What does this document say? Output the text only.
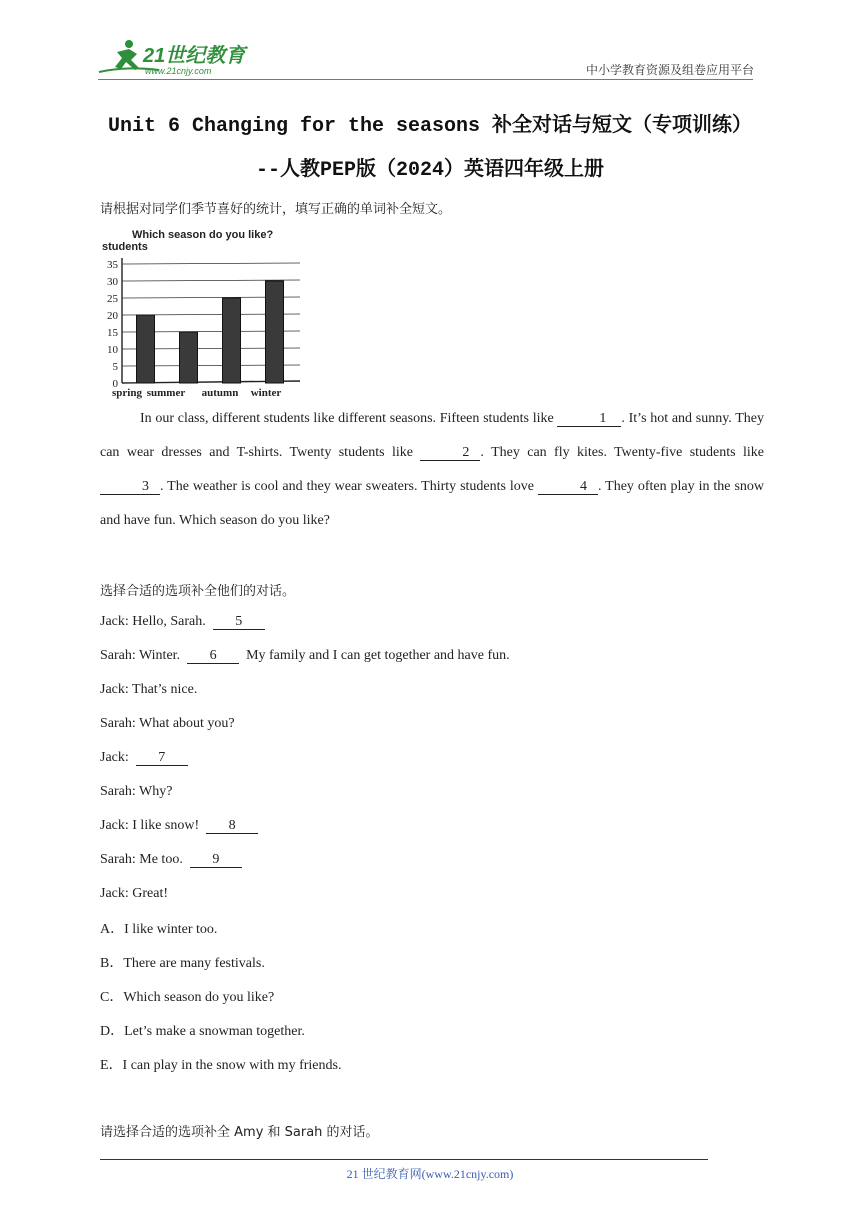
21世纪教育
www.21cnjy.com	中小学教育资源及组卷应用平台
Unit 6 Changing for the seasons 补全对话与短文（专项训练）
--人教PEP版（2024）英语四年级上册
请根据对同学们季节喜好的统计，填写正确的单词补全短文。
Which season do you like?
students
0
5
10
15
20
25
30
35
spring summer autumn winter
In our class, different students like different seasons. Fifteen students like	1 . It’s hot and sunny. They can wear dresses and T-shirts. Twenty students like	2 . They can fly kites. Twenty-five students like 3 . The weather is cool and they wear sweaters. Thirty students love	4 . They often play in the snow and have fun. Which season do you like?
选择合适的选项补全他们的对话。
Jack: Hello, Sarah. 5
Sarah: Winter. 6 My family and I can get together and have fun.
Jack: That’s nice.
Sarah: What about you?
Jack: 7
Sarah: Why?
Jack: I like snow! 8
Sarah: Me too. 9
Jack: Great!
A．I like winter too.
B．There are many festivals.
C．Which season do you like?
D．Let’s make a snowman together.
E．I can play in the snow with my friends.
请选择合适的选项补全 Amy 和 Sarah 的对话。
21 世纪教育网(www.21cnjy.com)
